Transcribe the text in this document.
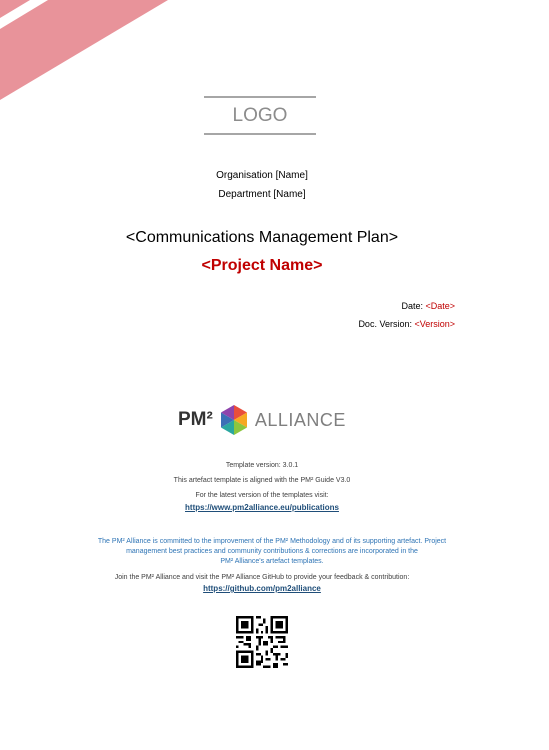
LOGO
Organisation [Name]
Department [Name]
<Communications Management Plan>
<Project Name>
Date: <Date>
Doc. Version: <Version>
PM² ALLIANCE
Template version: 3.0.1
This artefact template is aligned with the PM² Guide V3.0
For the latest version of the templates visit:
https://www.pm2alliance.eu/publications
The PM² Alliance is committed to the improvement of the PM² Methodology and of its supporting artefact. Project
management best practices and community contributions & corrections are incorporated in the
PM² Alliance's artefact templates.
Join the PM² Alliance and visit the PM² Alliance GitHub to provide your feedback & contribution:
https://github.com/pm2alliance
